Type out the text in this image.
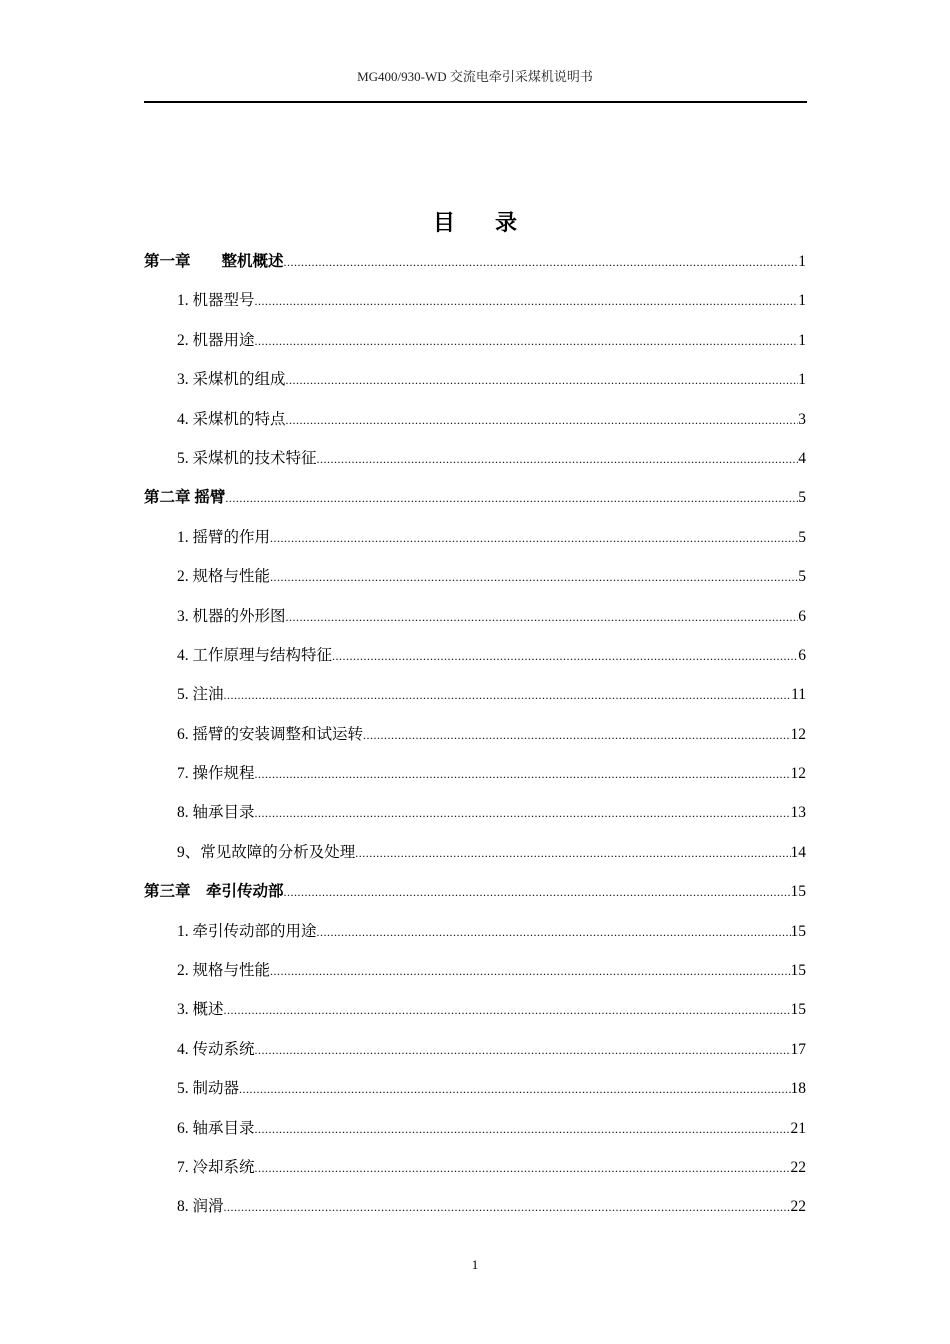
MG400/930-WD 交流电牵引采煤机说明书
目 录
第一章　　整机概述 .....	1
1. 机器型号 .....	1
2. 机器用途 .....	1
3. 采煤机的组成 .....	1
4. 采煤机的特点 .....	3
5. 采煤机的技术特征 .....	4
第二章 摇臂 .....	5
1. 摇臂的作用 .....	5
2. 规格与性能 .....	5
3. 机器的外形图 .....	6
4. 工作原理与结构特征 .....	6
5. 注油 .....	11
6. 摇臂的安装调整和试运转 .....	12
7. 操作规程 .....	12
8. 轴承目录 .....	13
9、常见故障的分析及处理 .....	14
第三章　牵引传动部 .....	15
1. 牵引传动部的用途 .....	15
2. 规格与性能 .....	15
3. 概述 .....	15
4. 传动系统 .....	17
5. 制动器 .....	18
6. 轴承目录 .....	21
7. 冷却系统 .....	22
8. 润滑 .....	22
1
